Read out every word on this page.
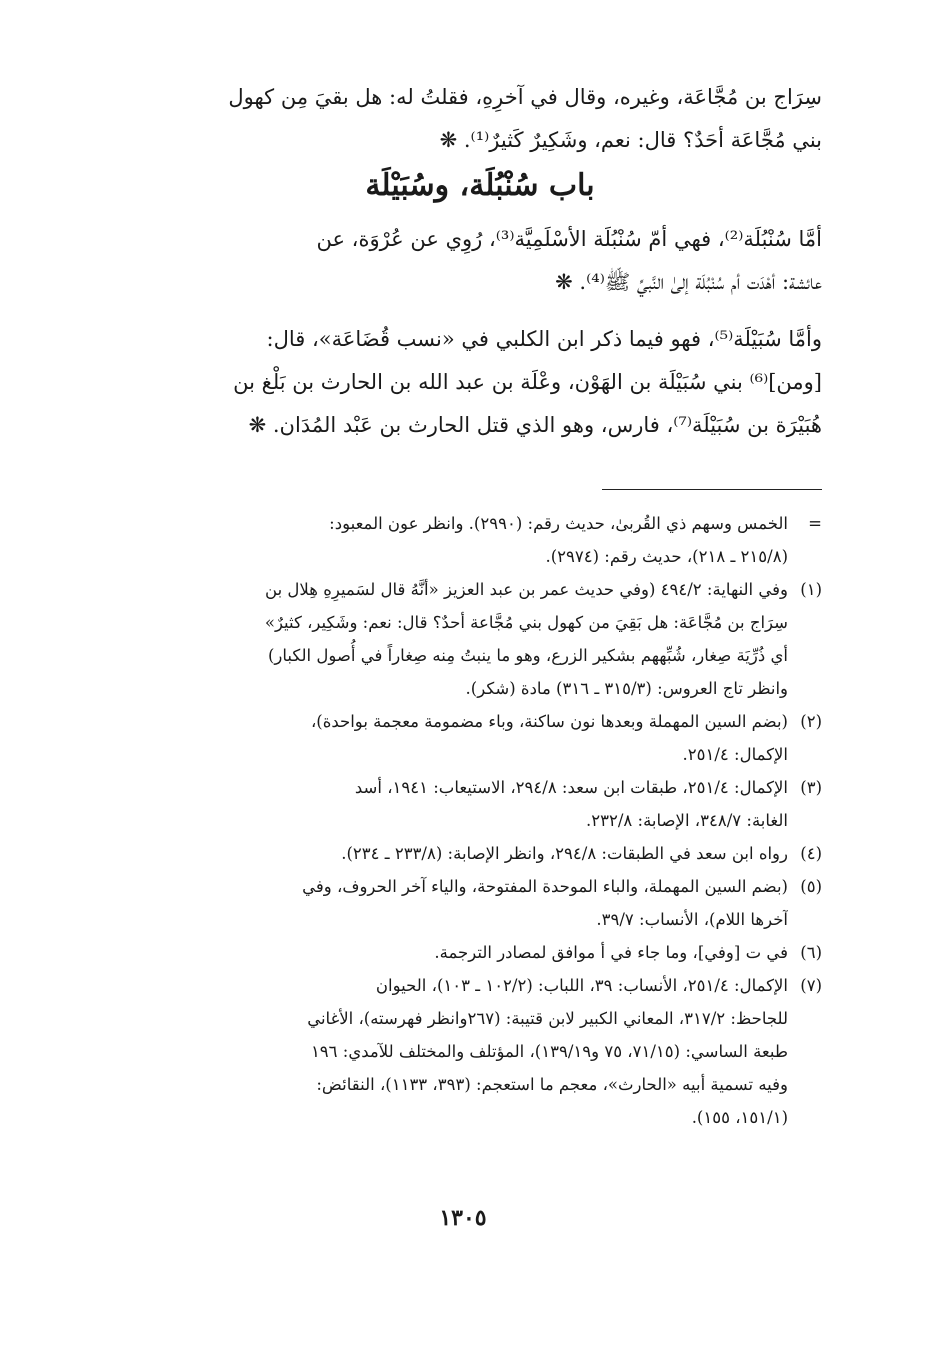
سِرَاج بن مُجَّاعَة، وغيره، وقال في آخرِهِ، فقلتُ له: هل بقيَ مِن كهول
بني مُجَّاعَة أحَدٌ؟ قال: نعم، وشَكِيرٌ كَثيرٌ⁽¹⁾. ❋

باب سُنْبُلَة، وسُبَيْلَة

أمَّا سُنْبُلَة⁽²⁾، فهي أمّ سُنْبُلَة الأسْلَمِيَّة⁽³⁾، رُوِي عن عُرْوَة، عن
عائشة: أهْدَت أم سُنْبُلَة إلىٰ النَّبيِّ ﷺ⁽⁴⁾. ❋

وأمَّا سُبَيْلَة⁽⁵⁾، فهو فيما ذكر ابن الكلبي في «نسب قُضَاعَة»، قال:
[ومن]⁽⁶⁾ بني سُبَيْلَة بن الهَوْن، وعْلَة بن عبد الله بن الحارث بن بَلْغ بن
هُبَيْرَة بن سُبَيْلَة⁽⁷⁾، فارس، وهو الذي قتل الحارث بن عَبْد المُدَان. ❋

=
الخمس وسهم ذي القُربىٰ، حديث رقم: (٢٩٩٠). وانظر عون المعبود:
(٢١٥/٨ ـ ٢١٨)، حديث رقم: (٢٩٧٤).
(١)
وفي النهاية: ٤٩٤/٢ (وفي حديث عمر بن عبد العزيز «أنَّهُ قال لسَميرِهِ هِلال بن
سِرَاج بن مُجَّاعَة: هل بَقِيَ من كهول بني مُجَّاعة أحدٌ؟ قال: نعم: وشَكِير، كثيرٌ»
أي ذُرِّيَة صِغار، شُبِّههم بشكير الزرع، وهو ما ينبتُ مِنه صِغاراً في أُصول الكبار)
وانظر تاج العروس: (٣١٥/٣ ـ ٣١٦) مادة (شكر).
(٢)
(بضم السين المهملة وبعدها نون ساكنة، وباء مضمومة معجمة بواحدة)،
الإكمال: ٢٥١/٤.
(٣)
الإكمال: ٢٥١/٤، طبقات ابن سعد: ٢٩٤/٨، الاستيعاب: ١٩٤١، أسد
الغابة: ٣٤٨/٧، الإصابة: ٢٣٢/٨.
(٤)
رواه ابن سعد في الطبقات: ٢٩٤/٨، وانظر الإصابة: (٢٣٣/٨ ـ ٢٣٤).
(٥)
(بضم السين المهملة، والباء الموحدة المفتوحة، والياء آخر الحروف، وفي
آخرها اللام)، الأنساب: ٣٩/٧.
(٦)
في ت [وفي]، وما جاء في أ موافق لمصادر الترجمة.
(٧)
الإكمال: ٢٥١/٤، الأنساب: ٣٩، اللباب: (١٠٢/٢ ـ ١٠٣)، الحيوان
للجاحظ: ٣١٧/٢، المعاني الكبير لابن قتيبة: (٢٦٧وانظر فهرسته)، الأغاني
طبعة الساسي: (٧١/١٥، ٧٥ و١٣٩/١٩)، المؤتلف والمختلف للآمدي: ١٩٦
وفيه تسمية أبيه «الحارث»، معجم ما استعجم: (٣٩٣، ١١٣٣)، النقائض:
(١٥١/١، ١٥٥).
١٣٠٥
